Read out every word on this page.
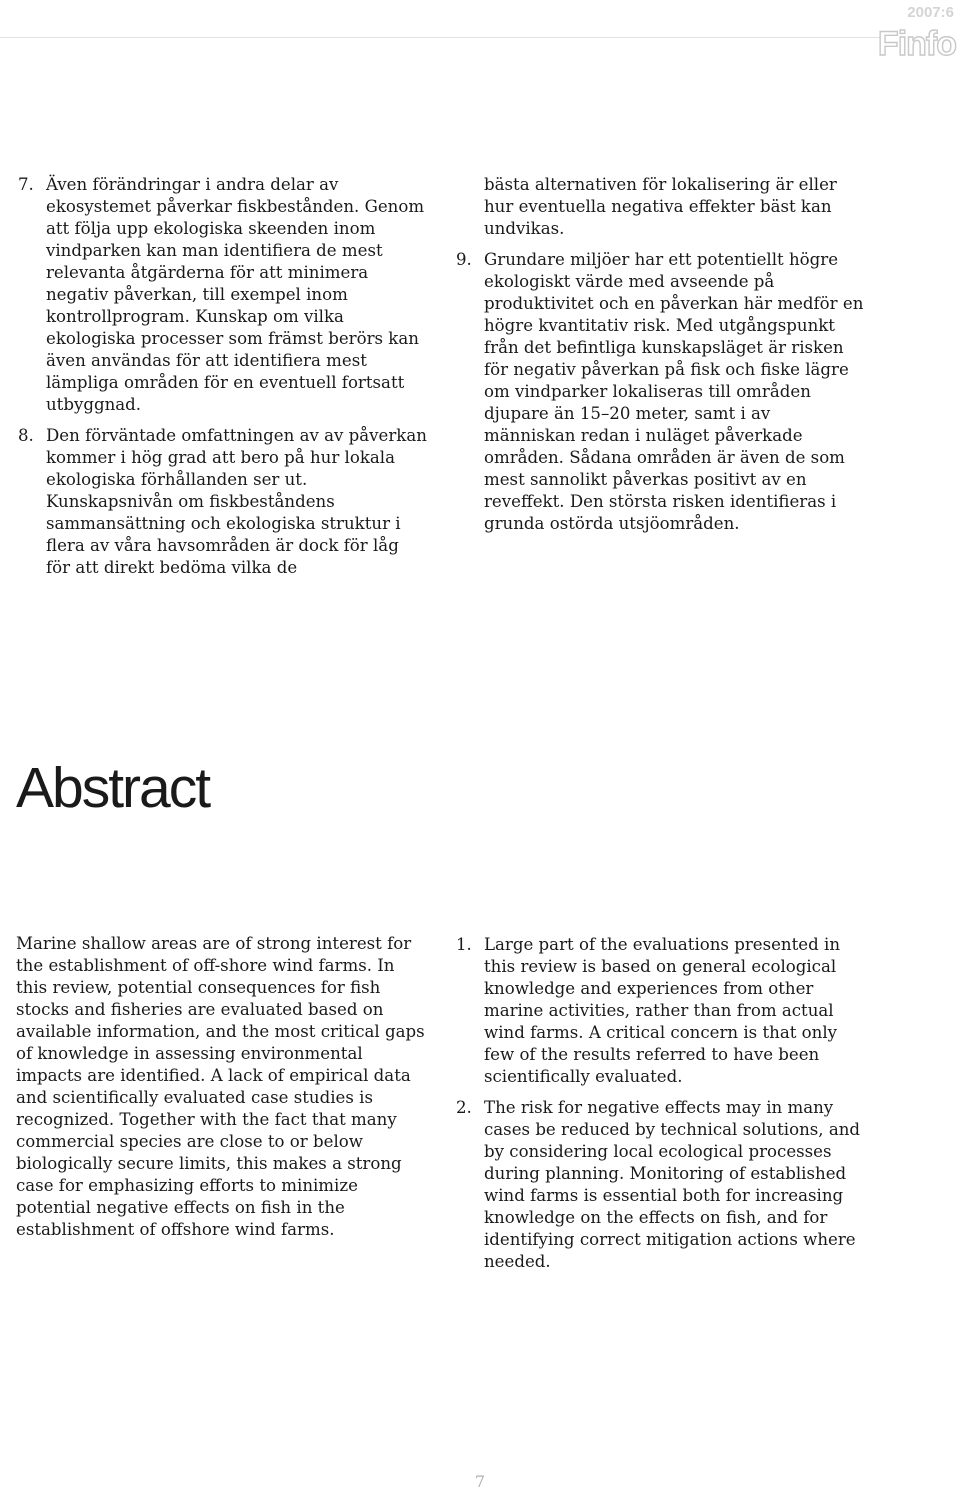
2007:6
Finfo
7. Även förändringar i andra delar av ekosystemet påverkar fiskbestånden. Genom att följa upp ekologiska skeenden inom vindparken kan man identifiera de mest relevanta åtgärderna för att minimera negativ påverkan, till exempel inom kontrollprogram. Kunskap om vilka ekologiska processer som främst berörs kan även användas för att identifiera mest lämpliga områden för en eventuell fortsatt utbyggnad.

8. Den förväntade omfattningen av av påverkan kommer i hög grad att bero på hur lokala ekologiska förhållanden ser ut. Kunskapsnivån om fiskbeståndens sammansättning och ekologiska struktur i flera av våra havsområden är dock för låg för att direkt bedöma vilka de

bästa alternativen för lokalisering är eller hur eventuella negativa effekter bäst kan undvikas.

9. Grundare miljöer har ett potentiellt högre ekologiskt värde med avseende på produktivitet och en påverkan här medför en högre kvantitativ risk. Med utgångspunkt från det befintliga kunskapsläget är risken för negativ påverkan på fisk och fiske lägre om vindparker lokaliseras till områden djupare än 15–20 meter, samt i av människan redan i nuläget påverkade områden. Sådana områden är även de som mest sannolikt påverkas positivt av en reveffekt. Den största risken identifieras i grunda ostörda utsjöområden.

Abstract

Marine shallow areas are of strong interest for the establishment of off-shore wind farms. In this review, potential consequences for fish stocks and fisheries are evaluated based on available information, and the most critical gaps of knowledge in assessing environmental impacts are identified. A lack of empirical data and scientifically evaluated case studies is recognized. Together with the fact that many commercial species are close to or below biologically secure limits, this makes a strong case for emphasizing efforts to minimize potential negative effects on fish in the establishment of offshore wind farms.

1. Large part of the evaluations presented in this review is based on general ecological knowledge and experiences from other marine activities, rather than from actual wind farms. A critical concern is that only few of the results referred to have been scientifically evaluated.

2. The risk for negative effects may in many cases be reduced by technical solutions, and by considering local ecological processes during planning. Monitoring of established wind farms is essential both for increasing knowledge on the effects on fish, and for identifying correct mitigation actions where needed.

7
